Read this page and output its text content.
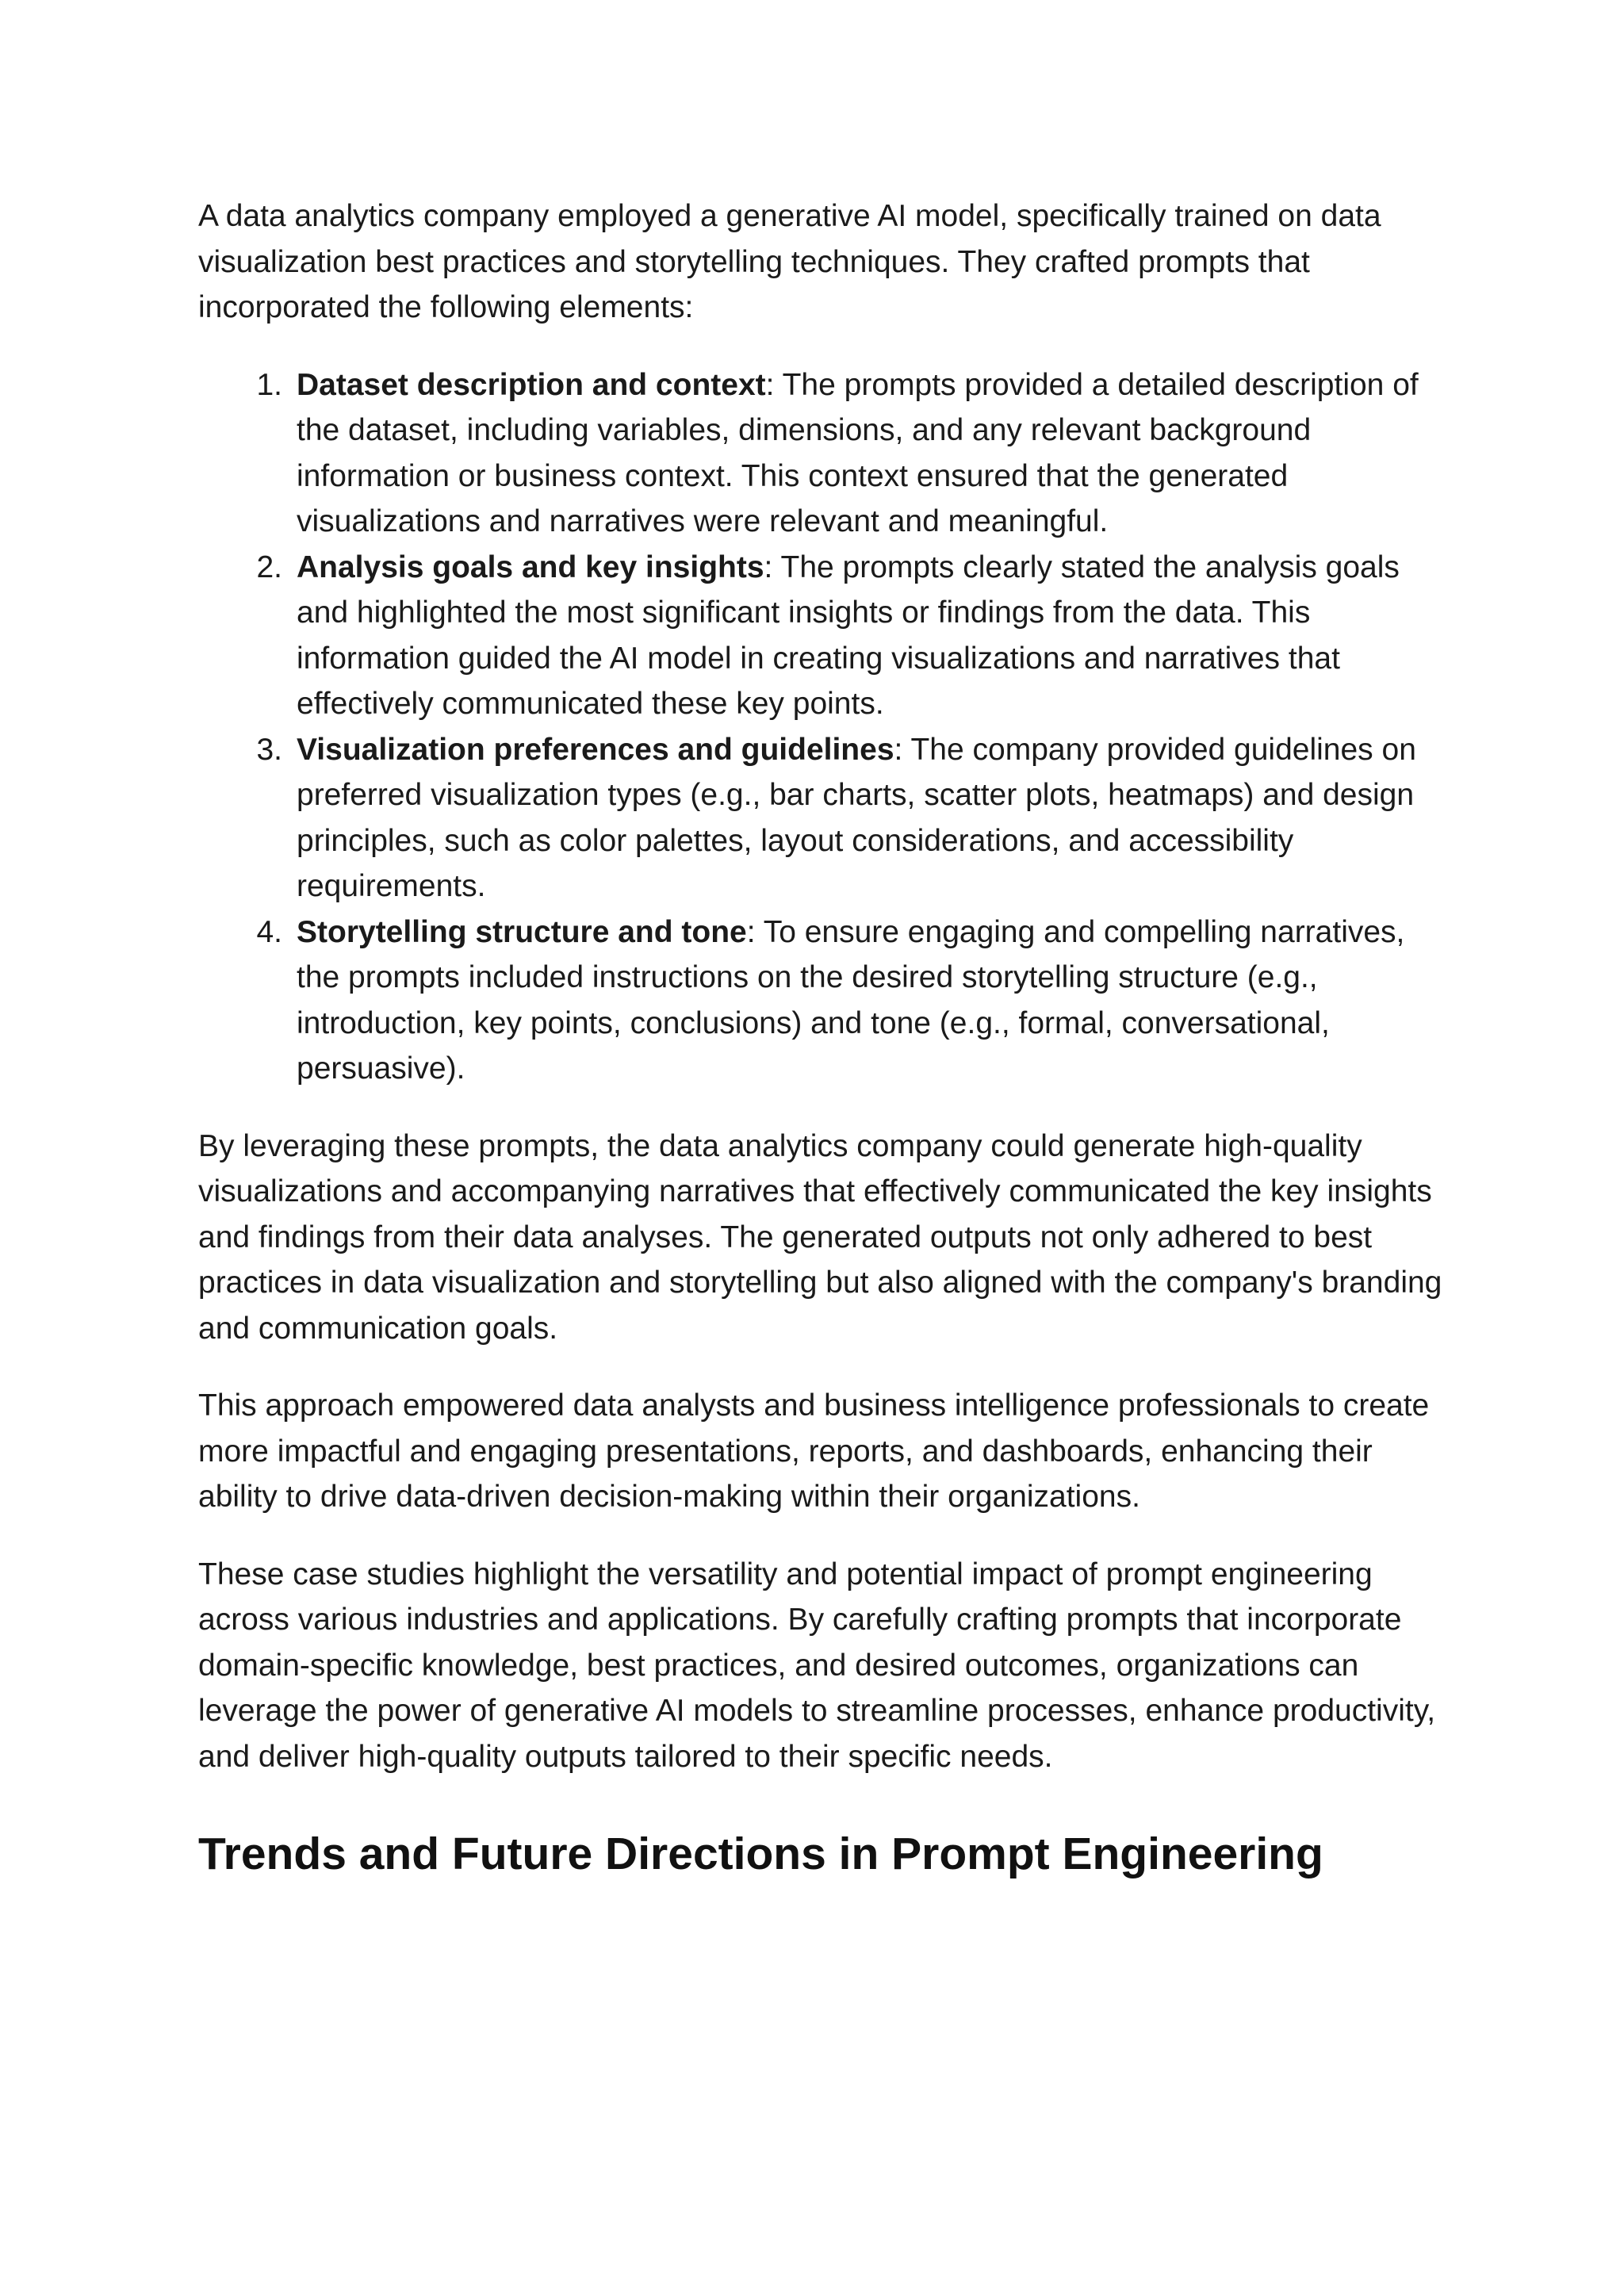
A data analytics company employed a generative AI model, specifically trained on data visualization best practices and storytelling techniques. They crafted prompts that incorporated the following elements:

1. Dataset description and context: The prompts provided a detailed description of the dataset, including variables, dimensions, and any relevant background information or business context. This context ensured that the generated visualizations and narratives were relevant and meaningful.
2. Analysis goals and key insights: The prompts clearly stated the analysis goals and highlighted the most significant insights or findings from the data. This information guided the AI model in creating visualizations and narratives that effectively communicated these key points.
3. Visualization preferences and guidelines: The company provided guidelines on preferred visualization types (e.g., bar charts, scatter plots, heatmaps) and design principles, such as color palettes, layout considerations, and accessibility requirements.
4. Storytelling structure and tone: To ensure engaging and compelling narratives, the prompts included instructions on the desired storytelling structure (e.g., introduction, key points, conclusions) and tone (e.g., formal, conversational, persuasive).

By leveraging these prompts, the data analytics company could generate high-quality visualizations and accompanying narratives that effectively communicated the key insights and findings from their data analyses. The generated outputs not only adhered to best practices in data visualization and storytelling but also aligned with the company's branding and communication goals.

This approach empowered data analysts and business intelligence professionals to create more impactful and engaging presentations, reports, and dashboards, enhancing their ability to drive data-driven decision-making within their organizations.

These case studies highlight the versatility and potential impact of prompt engineering across various industries and applications. By carefully crafting prompts that incorporate domain-specific knowledge, best practices, and desired outcomes, organizations can leverage the power of generative AI models to streamline processes, enhance productivity, and deliver high-quality outputs tailored to their specific needs.

Trends and Future Directions in Prompt Engineering
